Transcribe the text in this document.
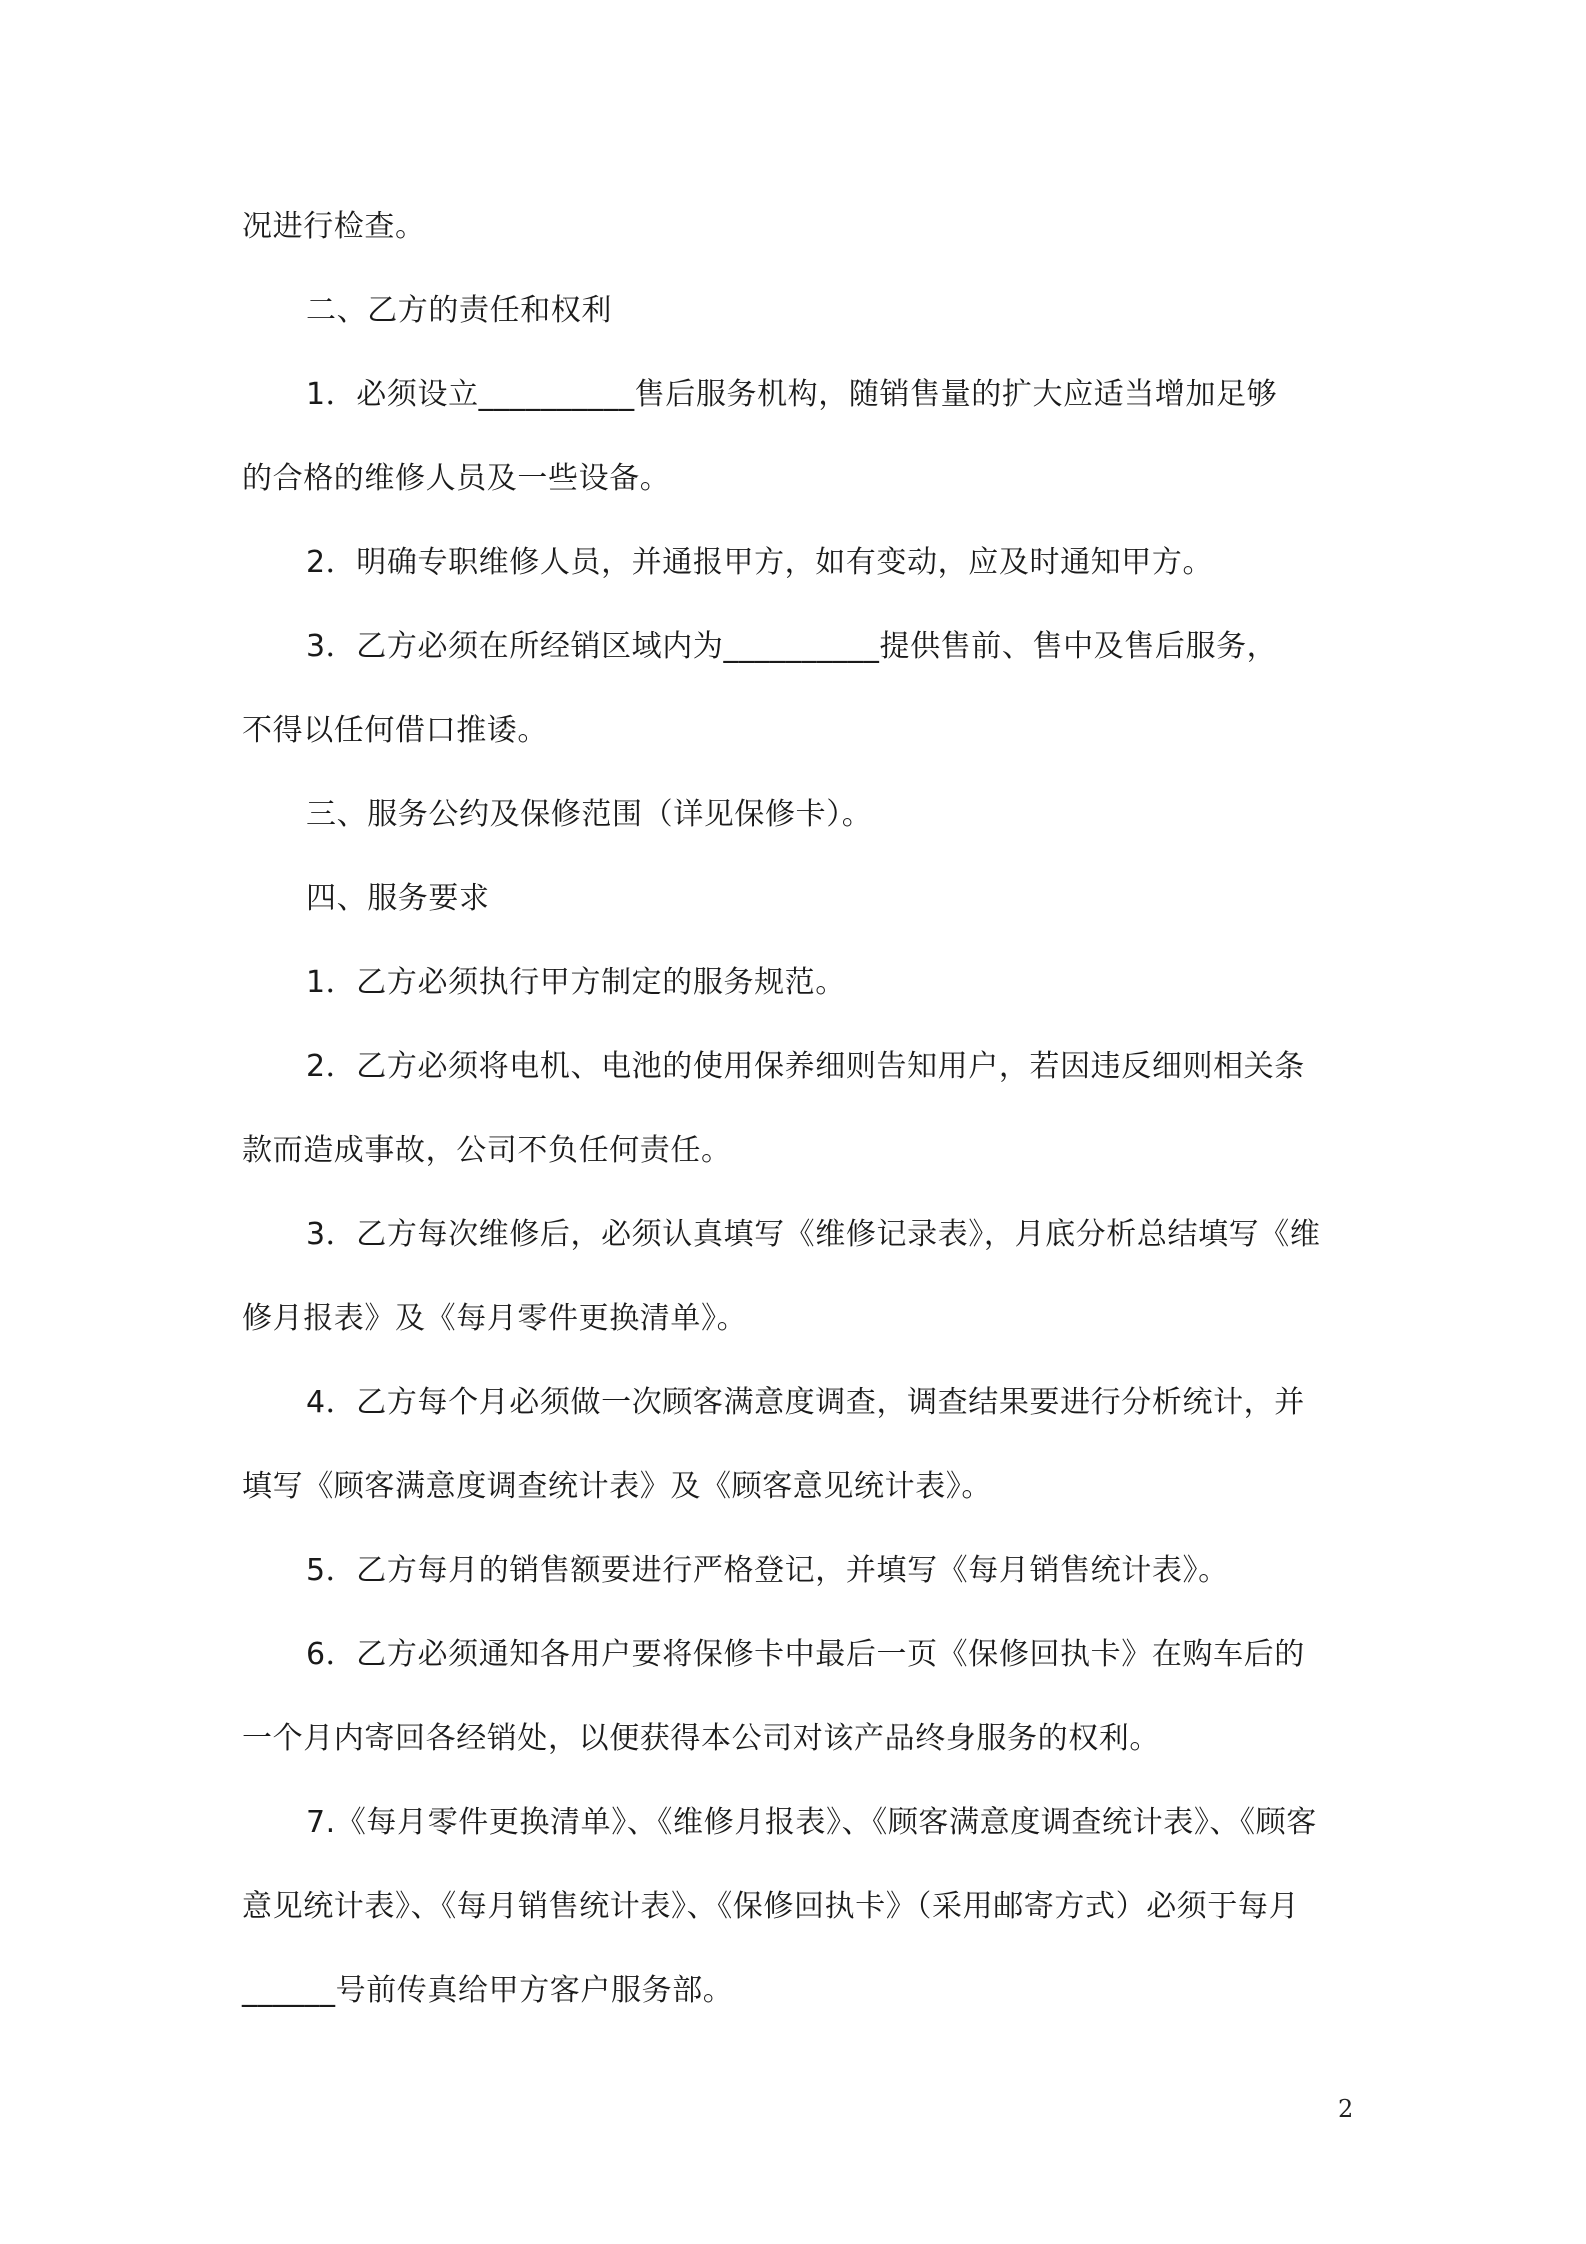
况进行检查。
二、乙方的责任和权利
1．必须设立__________售后服务机构，随销售量的扩大应适当增加足够
的合格的维修人员及一些设备。
2．明确专职维修人员，并通报甲方，如有变动，应及时通知甲方。
3．乙方必须在所经销区域内为__________提供售前、售中及售后服务，
不得以任何借口推诿。
三、服务公约及保修范围（详见保修卡）。
四、服务要求
1．乙方必须执行甲方制定的服务规范。
2．乙方必须将电机、电池的使用保养细则告知用户，若因违反细则相关条
款而造成事故，公司不负任何责任。
3．乙方每次维修后，必须认真填写《维修记录表》，月底分析总结填写《维
修月报表》及《每月零件更换清单》。
4．乙方每个月必须做一次顾客满意度调查，调查结果要进行分析统计，并
填写《顾客满意度调查统计表》及《顾客意见统计表》。
5．乙方每月的销售额要进行严格登记，并填写《每月销售统计表》。
6．乙方必须通知各用户要将保修卡中最后一页《保修回执卡》在购车后的
一个月内寄回各经销处，以便获得本公司对该产品终身服务的权利。
7.《每月零件更换清单》、《维修月报表》、《顾客满意度调查统计表》、《顾客
意见统计表》、《每月销售统计表》、《保修回执卡》（采用邮寄方式）必须于每月
______号前传真给甲方客户服务部。
2
